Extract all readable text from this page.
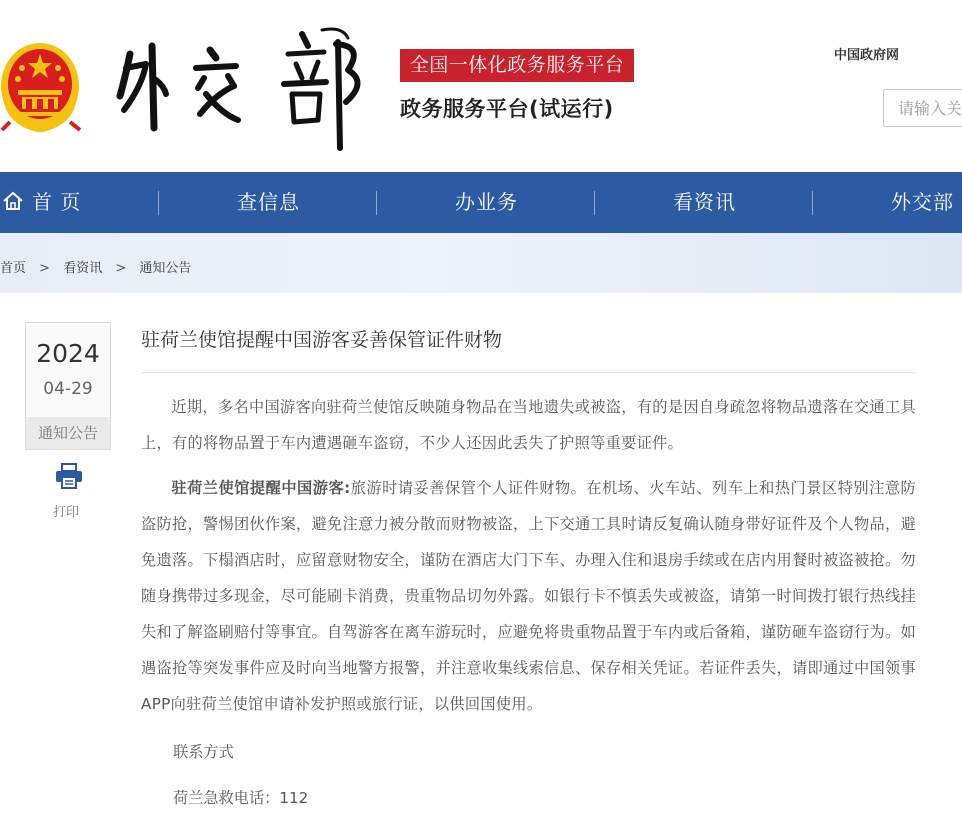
全国一体化政务服务平台
政务服务平台(试运行)
中国政府网
请输入关
首 页	查信息	办业务	看资讯	外交部
首页 > 看资讯 > 通知公告
2024
04-29
通知公告
打印
驻荷兰使馆提醒中国游客妥善保管证件财物

近期，多名中国游客向驻荷兰使馆反映随身物品在当地遗失或被盗，有的是因自身疏忽将物品遗落在交通工具上，有的将物品置于车内遭遇砸车盗窃，不少人还因此丢失了护照等重要证件。

驻荷兰使馆提醒中国游客:旅游时请妥善保管个人证件财物。在机场、火车站、列车上和热门景区特别注意防盗防抢，警惕团伙作案，避免注意力被分散而财物被盗，上下交通工具时请反复确认随身带好证件及个人物品，避免遗落。下榻酒店时，应留意财物安全，谨防在酒店大门下车、办理入住和退房手续或在店内用餐时被盗被抢。勿随身携带过多现金，尽可能刷卡消费，贵重物品切勿外露。如银行卡不慎丢失或被盗，请第一时间拨打银行热线挂失和了解盗刷赔付等事宜。自驾游客在离车游玩时，应避免将贵重物品置于车内或后备箱，谨防砸车盗窃行为。如遇盗抢等突发事件应及时向当地警方报警，并注意收集线索信息、保存相关凭证。若证件丢失，请即通过中国领事APP向驻荷兰使馆申请补发护照或旅行证，以供回国使用。

联系方式
荷兰急救电话：112
